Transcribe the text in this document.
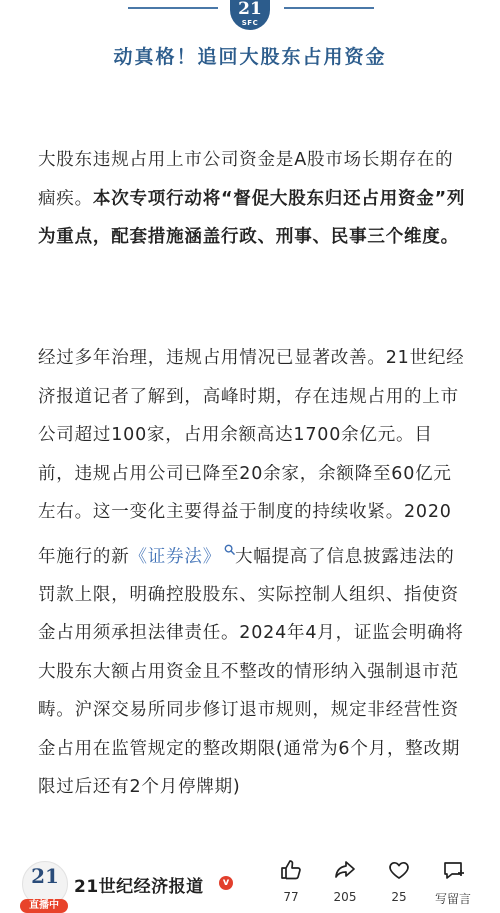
21
SFC
动真格！追回大股东占用资金

大股东违规占用上市公司资金是A股市场长期存在的痼疾。本次专项行动将“督促大股东归还占用资金”列为重点，配套措施涵盖行政、刑事、民事三个维度。

经过多年治理，违规占用情况已显著改善。21世纪经济报道记者了解到，高峰时期，存在违规占用的上市公司超过100家，占用余额高达1700余亿元。目前，违规占用公司已降至20余家，余额降至60亿元左右。这一变化主要得益于制度的持续收紧。2020年施行的新《证券法》 大幅提高了信息披露违法的罚款上限，明确控股股东、实际控制人组织、指使资金占用须承担法律责任。2024年4月，证监会明确将大股东大额占用资金且不整改的情形纳入强制退市范畴。沪深交易所同步修订退市规则，规定非经营性资金占用在监管规定的整改期限(通常为6个月，整改期限过后还有2个月停牌期)

21
直播中
21世纪经济报道	v
77	205	25	写留言
